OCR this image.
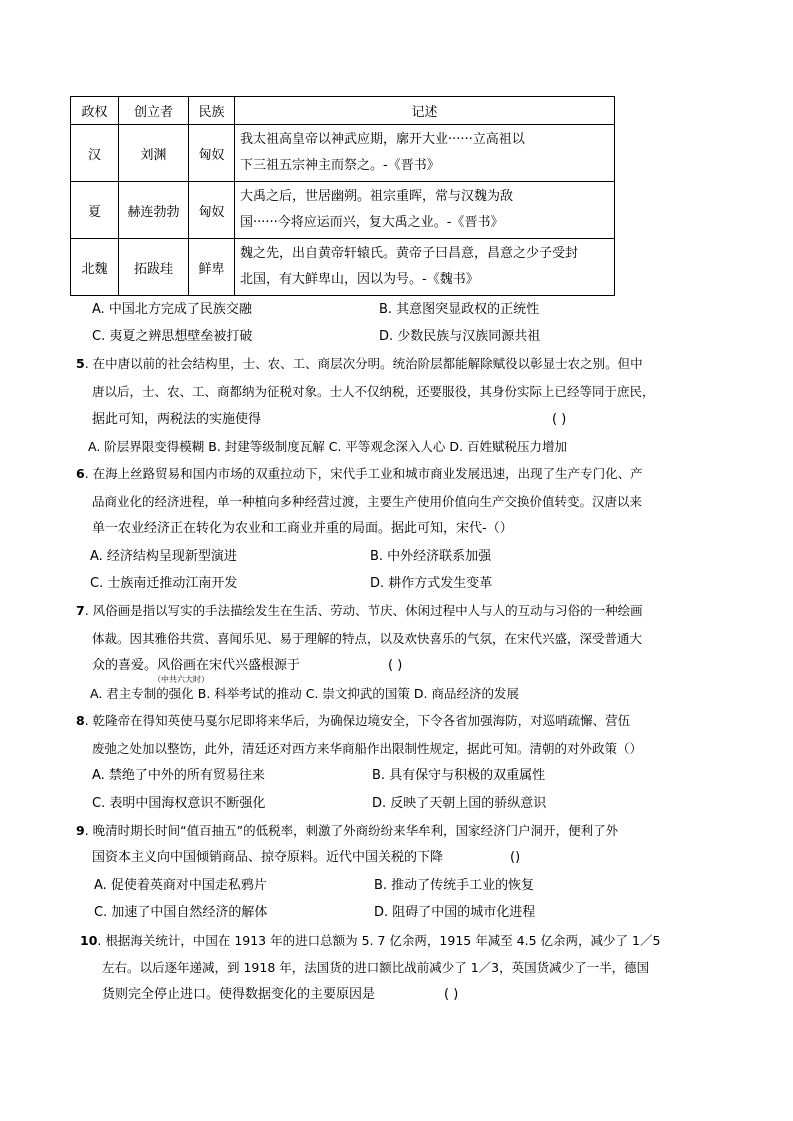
政权	创立者	民族	记述
汉	刘渊	匈奴	我太祖高皇帝以神武应期，廓开大业······立高祖以
下三祖五宗神主而祭之。-《晋书》

夏	赫连勃勃	匈奴	大禹之后，世居幽朔。祖宗重晖，常与汉魏为敌
国······今将应运而兴，复大禹之业。-《晋书》

北魏	拓跋珪	鲜卑	魏之先，出自黄帝轩辕氏。黄帝子曰昌意，昌意之少子受封
北国，有大鲜卑山，因以为号。-《魏书》
A. 中国北方完成了民族交融	B. 其意图突显政权的正统性
C. 夷夏之辨思想壁垒被打破	D. 少数民族与汉族同源共祖
5. 在中唐以前的社会结构里，士、农、工、商层次分明。统治阶层都能解除赋役以彰显士农之别。但中
唐以后，士、农、工、商都纳为征税对象。士人不仅纳税，还要服役，其身份实际上已经等同于庶民，
据此可知，两税法的实施使得	( )
A. 阶层界限变得模糊 B. 封建等级制度瓦解 C. 平等观念深入人心 D. 百姓赋税压力增加
6. 在海上丝路贸易和国内市场的双重拉动下，宋代手工业和城市商业发展迅速，出现了生产专门化、产
品商业化的经济进程，单一种植向多种经营过渡，主要生产使用价值向生产交换价值转变。汉唐以来
单一农业经济正在转化为农业和工商业并重的局面。据此可知，宋代-（）
A. 经济结构呈现新型演进	B. 中外经济联系加强
C. 士族南迁推动江南开发	D. 耕作方式发生变革
7. 风俗画是指以写实的手法描绘发生在生活、劳动、节庆、休闲过程中人与人的互动与习俗的一种绘画
体裁。因其雅俗共赏、喜闻乐见、易于理解的特点，以及欢快喜乐的气氛，在宋代兴盛，深受普通大
众的喜爱。风俗画在宋代兴盛根源于	( )
（中共六大时）
A. 君主专制的强化 B. 科举考试的推动 C. 崇文抑武的国策 D. 商品经济的发展
8. 乾隆帝在得知英使马戛尔尼即将来华后，为确保边境安全，下令各省加强海防，对巡哨疏懈、营伍
废弛之处加以整饬，此外，清廷还对西方来华商船作出限制性规定，据此可知。清朝的对外政策（）
A. 禁绝了中外的所有贸易往来	B. 具有保守与积极的双重属性
C. 表明中国海权意识不断强化	D. 反映了天朝上国的骄纵意识
9. 晚清时期长时间“值百抽五”的低税率，刺激了外商纷纷来华牟利，国家经济门户洞开，便利了外
国资本主义向中国倾销商品、掠夺原料。近代中国关税的下降	()
A. 促使着英商对中国走私鸦片	B. 推动了传统手工业的恢复
C. 加速了中国自然经济的解体	D. 阻碍了中国的城市化进程
10. 根据海关统计，中国在 1913 年的进口总额为 5. 7 亿余两，1915 年减至 4.5 亿余两，减少了 1／5
左右。以后逐年递减，到 1918 年，法国货的进口额比战前减少了 1／3，英国货减少了一半，德国
货则完全停止进口。使得数据变化的主要原因是	( )
